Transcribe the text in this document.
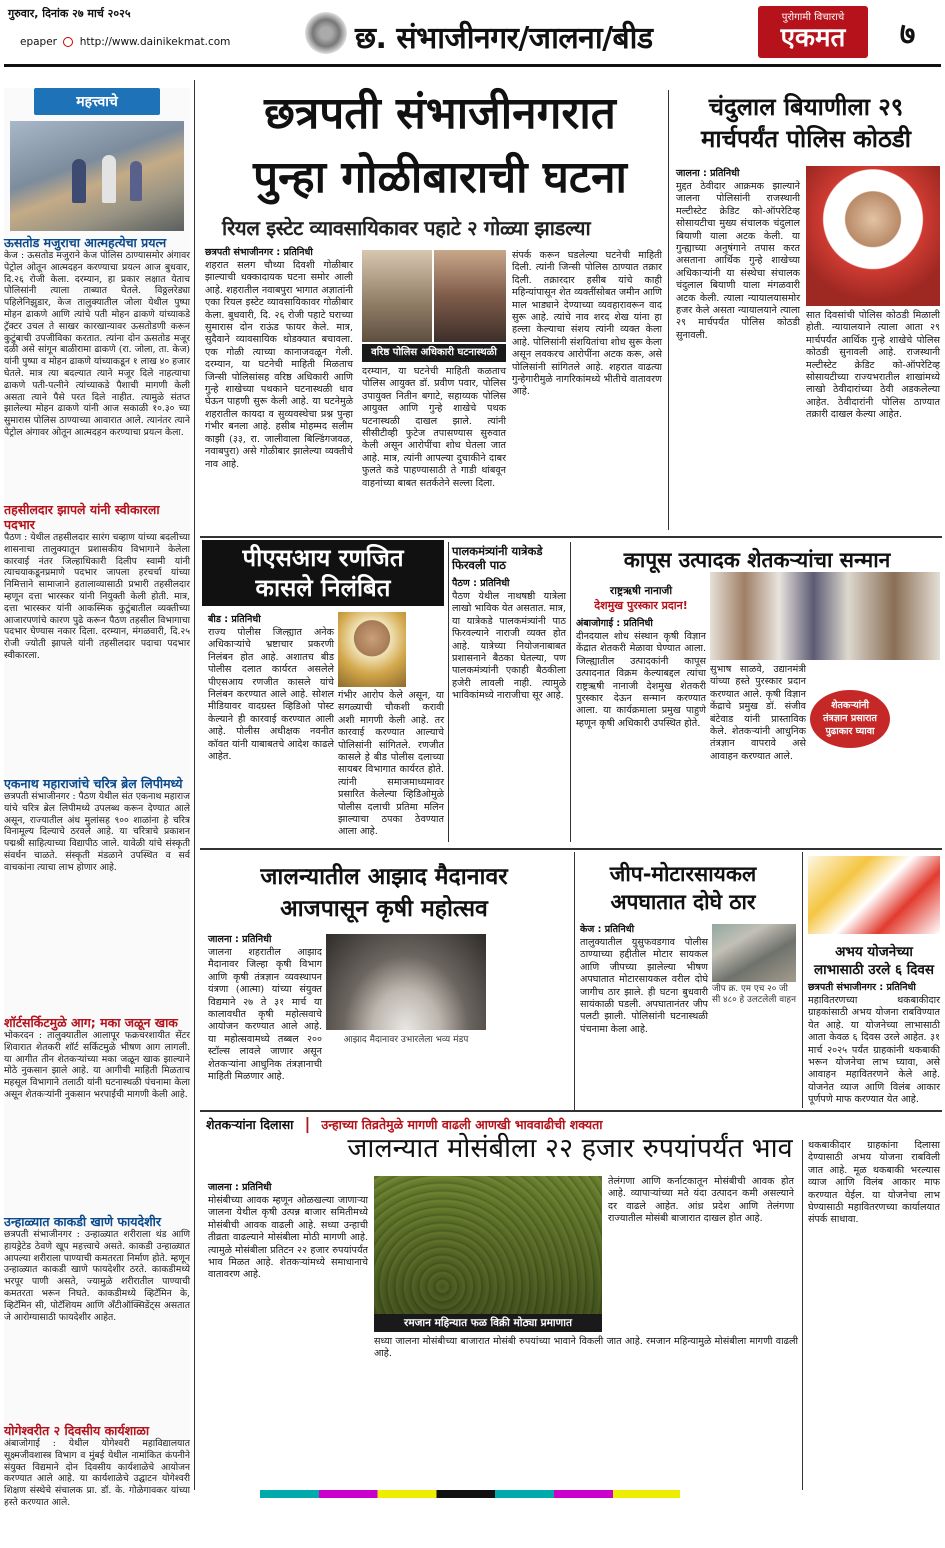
गुरुवार, दिनांक २७ मार्च २०२५
epaper http://www.dainikekmat.com	छ. संभाजीनगर/जालना/बीड
पुरोगामी विचाराचे
एकमत	७
महत्त्वाचे
ऊसतोड मजुराचा आत्महत्येचा प्रयत्न
केज : ऊसतोड मजुराने केज पोलिस ठाण्यासमोर अंगावर पेट्रोल ओतून आत्मदहन करण्याचा प्रयत्न आज बुधवार, दि.२६ रोजी केला. दरम्यान, हा प्रकार लक्षात येताच पोलिसांनी त्याला ताब्यात घेतले. विठ्ठलरेड्या पहिलेनिझुडार, केज तालुक्यातील जोला येथील पुष्पा मोहन ढाकणे आणि त्यांचे पती मोहन ढाकणे यांच्याकडे ट्रॅक्टर उचल ते साखर कारखान्यावर ऊसतोडणी करून कुटुंबाची उपजीविका करतात. त्यांना दोन ऊसतोड मजूर दळी असे सांगून बाळीरामा ढाकणे (रा. जोला, ता. केज) यांनी पुष्पा व मोहन ढाकणे यांच्याकडून १ लाख ४० हजार घेतले. मात्र त्या बदल्यात त्याने मजूर दिले नाहत्याचा ढाकणे पती-पत्नीने त्यांच्याकडे पैशाची मागणी केली असता त्याने पैसे परत दिले नाहीत. त्यामुळे संतप्त झालेल्या मोहन ढाकणे यांनी आज सकाळी १०.३० च्या सुमारास पोलिस ठाण्याच्या आवारात आले. त्यानंतर त्याने पेट्रोल अंगावर ओतून आत्मदहन करण्याचा प्रयत्न केला.
तहसीलदार झापले यांनी स्वीकारला पदभार
पैठण : येथील तहसीलदार सारंग चव्हाण यांच्या बदलीच्या शासनाचा तालुक्यातून प्रशासकीय विभागाने केलेला कारवाई नंतर जिल्हाधिकारी दिलीप स्वामी यांनी त्याचयाकडूनप्रमाणे पदभार जापला हरचर्चा यांच्या निमित्ताने सामाजाने हतालाव्यासाठी प्रभारी तहसीलदार म्हणून दत्ता भारस्कर यांनी नियुक्ती केली होती. मात्र, दत्ता भारस्कर यांनी आकस्मिक कुटुंबातील व्यक्तीच्या आजारपणांचे कारण पुढे करून पैठण तहसील विभागाचा पदभार घेण्यास नकार दिला. दरम्यान, मंगळवारी, दि.२५ रोजी ज्योती झापले यांनी तहसीलदार पदाचा पदभार स्वीकारला.
एकनाथ महाराजांचे चरित्र ब्रेल लिपीमध्ये
छत्रपती संभाजीनगर : पैठण येथील संत एकनाथ महाराज यांचे चरित्र ब्रेल लिपीमध्ये उपलब्ध करून देण्यात आले असून, राज्यातील अंध मुलांसह ९०० शाळांना हे चरित्र विनामूल्य दिल्याचे ठरवले आहे. या चरित्राचे प्रकाशन पद्मश्री साहित्याच्या विद्यापीठ जाले. यावेळी यांचे संस्कृती संवर्धन चाळते. संस्कृती मंडळाने उपस्थित व सर्व वाचकांना त्याचा लाभ होणार आहे.
शॉर्टसर्किटमुळे आग; मका जळून खाक
भोकरदन : तालुक्यातील आलापूर फक्रचरशायीत सेंटर शिवारात शेतकरी शॉर्ट सर्किटमुळे भीषण आग लागली. या आगीत तीन शेतकऱ्यांच्या मका जळून खाक झाल्याने मोठे नुकसान झाले आहे. या आगीची माहिती मिळताच महसूल विभागाने तलाठी यांनी घटनास्थळी पंचनामा केला असून शेतकऱ्यांनी नुकसान भरपाईची मागणी केली आहे.
उन्हाळ्यात काकडी खाणे फायदेशीर
छत्रपती संभाजीनगर : उन्हाळ्यात शरीराला थंड आणि हायड्रेटेड ठेवणे खूप महत्त्वाचे असते. काकडी उन्हाळ्यात आपल्या शरीराला पाण्याची कमतरता निर्माण होते. म्हणून उन्हाळ्यात काकडी खाणे फायदेशीर ठरते. काकडीमध्ये भरपूर पाणी असते, ज्यामुळे शरीरातील पाण्याची कमतरता भरून निघते. काकडीमध्ये व्हिटॅमिन के, व्हिटॅमिन सी, पोटॅशियम आणि अँटीऑक्सिडेंट्स असतात जे आरोग्यासाठी फायदेशीर आहेत.
योगेश्वरीत २ दिवसीय कार्यशाळा
अंबाजोगाई : येथील योगेश्वरी महाविद्यालयात सूक्ष्मजीवशास्त्र विभाग व मुंबई येथील नामांकित कंपनीने संयुक्त विद्यमाने दोन दिवसीय कार्यशाळेचे आयोजन करण्यात आले आहे. या कार्यशाळेचे उद्घाटन योगेश्वरी शिक्षण संस्थेचे संचालक प्रा. डॉ. के. गोळेगावकर यांच्या हस्ते करण्यात आले.
छत्रपती संभाजीनगरात
पुन्हा गोळीबाराची घटना
रियल इस्टेट व्यावसायिकावर पहाटे २ गोळ्या झाडल्या
छत्रपती संभाजीनगर : प्रतिनिधी
शहरात सलग चौथ्या दिवशी गोळीबार झाल्याची धक्कादायक घटना समोर आली आहे. शहरातील नवाबपुरा भागात अज्ञातांनी एका रियल इस्टेट व्यावसायिकावर गोळीबार केला. बुधवारी, दि. २६ रोजी पहाटे घराच्या सुमारास दोन राऊंड फायर केले. मात्र, सुदैवाने व्यावसायिक थोडक्यात बचावला. एक गोळी त्याच्या कानाजवळून गेली. दरम्यान, या घटनेची माहिती मिळताच जिन्सी पोलिसांसह वरिष्ठ अधिकारी आणि गुन्हे शाखेच्या पथकाने घटनास्थळी धाव घेऊन पाहणी सुरू केली आहे. या घटनेमुळे शहरातील कायदा व सुव्यवस्थेचा प्रश्न पुन्हा गंभीर बनला आहे. हसीब मोहम्मद सलीम काझी (३३, रा. जालीवाला बिल्डिंगजवळ, नवाबपुरा) असे गोळीबार झालेल्या व्यक्तीचे नाव आहे.
वरिष्ठ पोलिस अधिकारी घटनास्थळी
दरम्यान, या घटनेची माहिती कळताच पोलिस आयुक्त डॉ. प्रवीण पवार, पोलिस उपायुक्त नितीन बगाटे, सहाय्यक पोलिस आयुक्त आणि गुन्हे शाखेचे पथक घटनास्थळी दाखल झाले. त्यांनी सीसीटीव्ही फुटेज तपासण्यास सुरुवात केली असून आरोपींचा शोध घेतला जात आहे. मात्र, त्यांनी आपल्या दुचाकीने दाबर फुलते कडे पाहण्यासाठी ते गाडी थांबवून वाहनांच्या बाबत सतर्कतेने सल्ला दिला.
संपर्क करून घडलेल्या घटनेची माहिती दिली. त्यांनी जिन्सी पोलिस ठाण्यात तक्रार दिली. तक्रारदार हसीब यांचे काही महिन्यांपासून शेत व्यक्तींसोबत जमीन आणि माल भाड्याने देण्याच्या व्यवहारावरून वाद सुरू आहे. त्यांचे नाव शरद शेख यांना हा हल्ला केल्याचा संशय त्यांनी व्यक्त केला आहे. पोलिसांनी संशयितांचा शोध सुरू केला असून लवकरच आरोपींना अटक करू, असे पोलिसांनी सांगितले आहे. शहरात वाढत्या गुन्हेगारीमुळे नागरिकांमध्ये भीतीचे वातावरण आहे.
चंदुलाल बियाणीला २९
मार्चपर्यंत पोलिस कोठडी
जालना : प्रतिनिधी
मुद्दत ठेवीदार आक्रमक झाल्याने जालना पोलिसांनी राजस्थानी मल्टीस्टेट क्रेडिट को-ऑपरेटिव्ह सोसायटीचा मुख्य संचालक चंदुलाल बियाणी याला अटक केली. या गुन्ह्याच्या अनुषंगाने तपास करत असताना आर्थिक गुन्हे शाखेच्या अधिकाऱ्यांनी या संस्थेचा संचालक चंदुलाल बियाणी याला मंगळवारी अटक केली. त्याला न्यायालयासमोर हजर केले असता न्यायालयाने त्याला २९ मार्चपर्यंत पोलिस कोठडी सुनावली.
सात दिवसांची पोलिस कोठडी मिळाली होती. न्यायालयाने त्याला आता २९ मार्चपर्यंत आर्थिक गुन्हे शाखेचे पोलिस कोठडी सुनावली आहे. राजस्थानी मल्टीस्टेट क्रेडिट को-ऑपरेटिव्ह सोसायटीच्या राज्यभरातील शाखांमध्ये लाखो ठेवीदारांच्या ठेवी अडकलेल्या आहेत. ठेवीदारांनी पोलिस ठाण्यात तक्रारी दाखल केल्या आहेत.
पीएसआय रणजित
कासले निलंबित
बीड : प्रतिनिधी
राज्य पोलीस जिल्ह्यात अनेक अधिकाऱ्यांचे भ्रष्टाचार प्रकरणी निलंबन होत आहे. अशातच बीड पोलीस दलात कार्यरत असलेले पीएसआय रणजीत कासले यांचे निलंबन करण्यात आले आहे. सोशल मीडियावर वादग्रस्त व्हिडिओ पोस्ट केल्याने ही कारवाई करण्यात आली आहे. पोलीस अधीक्षक नवनीत कॉवत यांनी याबाबतचे आदेश काढले आहेत.
गंभीर आरोप केले असून, या सगळ्याची चौकशी करावी अशी मागणी केली आहे. तर कारवाई करण्यात आल्याचे पोलिसांनी सांगितले. रणजीत कासले हे बीड पोलीस दलाच्या सायबर विभागात कार्यरत होते. त्यांनी समाजमाध्यमावर प्रसारित केलेल्या व्हिडिओमुळे पोलीस दलाची प्रतिमा मलिन झाल्याचा ठपका ठेवण्यात आला आहे.
पालकमंत्र्यांनी यात्रेकडे
फिरवली पाठ
पैठण : प्रतिनिधी
पैठण येथील नाथषष्ठी यात्रेला लाखो भाविक येत असतात. मात्र, या यात्रेकडे पालकमंत्र्यांनी पाठ फिरवल्याने नाराजी व्यक्त होत आहे. यात्रेच्या नियोजनाबाबत प्रशासनाने बैठका घेतल्या, पण पालकमंत्र्यांनी एकाही बैठकीला हजेरी लावली नाही. त्यामुळे भाविकांमध्ये नाराजीचा सूर आहे.
कापूस उत्पादक शेतकऱ्यांचा सन्मान
राष्ट्रऋषी नानाजी
देशमुख पुरस्कार प्रदान!
अंबाजोगाई : प्रतिनिधी
दीनदयाल शोध संस्थान कृषी विज्ञान केंद्रात शेतकरी मेळावा घेण्यात आला. जिल्ह्यातील उत्पादकांनी कापूस उत्पादनात विक्रम केल्याबद्दल त्यांचा राष्ट्रऋषी नानाजी देशमुख शेतकरी पुरस्कार देऊन सन्मान करण्यात आला. या कार्यक्रमाला प्रमुख पाहुणे म्हणून कृषी अधिकारी उपस्थित होते.
शेतकऱ्यांनी
तंत्रज्ञान प्रसारात
पुढाकार घ्यावा
सुभाष साळवे, उद्यानमंत्री यांच्या हस्ते पुरस्कार प्रदान करण्यात आले. कृषी विज्ञान केंद्राचे प्रमुख डॉ. संजीव बंटेवाड यांनी प्रास्ताविक केले. शेतकऱ्यांनी आधुनिक तंत्रज्ञान वापरावे असे आवाहन करण्यात आले.
जालन्यातील आझाद मैदानावर
आजपासून कृषी महोत्सव
जालना : प्रतिनिधी
जालना शहरातील आझाद मैदानावर जिल्हा कृषी विभाग आणि कृषी तंत्रज्ञान व्यवस्थापन यंत्रणा (आत्मा) यांच्या संयुक्त विद्यमाने २७ ते ३१ मार्च या कालावधीत कृषी महोत्सवाचे आयोजन करण्यात आले आहे. या महोत्सवामध्ये तब्बल २०० स्टॉल्स लावले जाणार असून शेतकऱ्यांना आधुनिक तंत्रज्ञानाची माहिती मिळणार आहे.
आझाद मैदानावर उभारलेला भव्य मंडप
जीप-मोटारसायकल
अपघातात दोघे ठार
केज : प्रतिनिधी
तालुक्यातील युसुफवडगाव पोलीस ठाण्याच्या हद्दीतील मोटार सायकल आणि जीपच्या झालेल्या भीषण अपघातात मोटारसायकल वरील दोघे जागीच ठार झाले. ही घटना बुधवारी सायंकाळी घडली. अपघातानंतर जीप पलटी झाली. पोलिसांनी घटनास्थळी पंचनामा केला आहे.
जीप क्र. एम एच २० जी सी ४८० हे उलटलेली वाहन
अभय योजनेच्या
लाभासाठी उरले ६ दिवस
छत्रपती संभाजीनगर : प्रतिनिधी
महावितरणच्या थकबाकीदार ग्राहकांसाठी अभय योजना राबविण्यात येत आहे. या योजनेच्या लाभासाठी आता केवळ ६ दिवस उरले आहेत. ३१ मार्च २०२५ पर्यंत ग्राहकांनी थकबाकी भरून योजनेचा लाभ घ्यावा, असे आवाहन महावितरणने केले आहे. योजनेत व्याज आणि विलंब आकार पूर्णपणे माफ करण्यात येत आहे.
शेतकऱ्यांना दिलासा | उन्हाच्या तिव्रतेमुळे मागणी वाढली आणखी भाववाढीची शक्यता
जालन्यात मोसंबीला २२ हजार रुपयांपर्यंत भाव
जालना : प्रतिनिधी
मोसंबीच्या आवक म्हणून ओळखल्या जाणाऱ्या जालना येथील कृषी उत्पन्न बाजार समितीमध्ये मोसंबीची आवक वाढली आहे. सध्या उन्हाची तीव्रता वाढल्याने मोसंबीला मोठी मागणी आहे. त्यामुळे मोसंबीला प्रतिटन २२ हजार रुपयांपर्यंत भाव मिळत आहे. शेतकऱ्यांमध्ये समाधानाचे वातावरण आहे.
रमजान महिन्यात फळ विक्री मोठ्या प्रमाणात
तेलंगणा आणि कर्नाटकातून मोसंबीची आवक होत आहे. व्यापाऱ्यांच्या मते यंदा उत्पादन कमी असल्याने दर वाढले आहेत. आंध्र प्रदेश आणि तेलंगणा राज्यातील मोसंबी बाजारात दाखल होत आहे.
थकबाकीदार ग्राहकांना दिलासा देण्यासाठी अभय योजना राबविली जात आहे. मूळ थकबाकी भरल्यास व्याज आणि विलंब आकार माफ करण्यात येईल. या योजनेचा लाभ घेण्यासाठी महावितरणच्या कार्यालयात संपर्क साधावा.
सध्या जालना मोसंबीच्या बाजारात मोसंबी रुपयांच्या भावाने विकली जात आहे. रमजान महिन्यामुळे मोसंबीला मागणी वाढली आहे.
